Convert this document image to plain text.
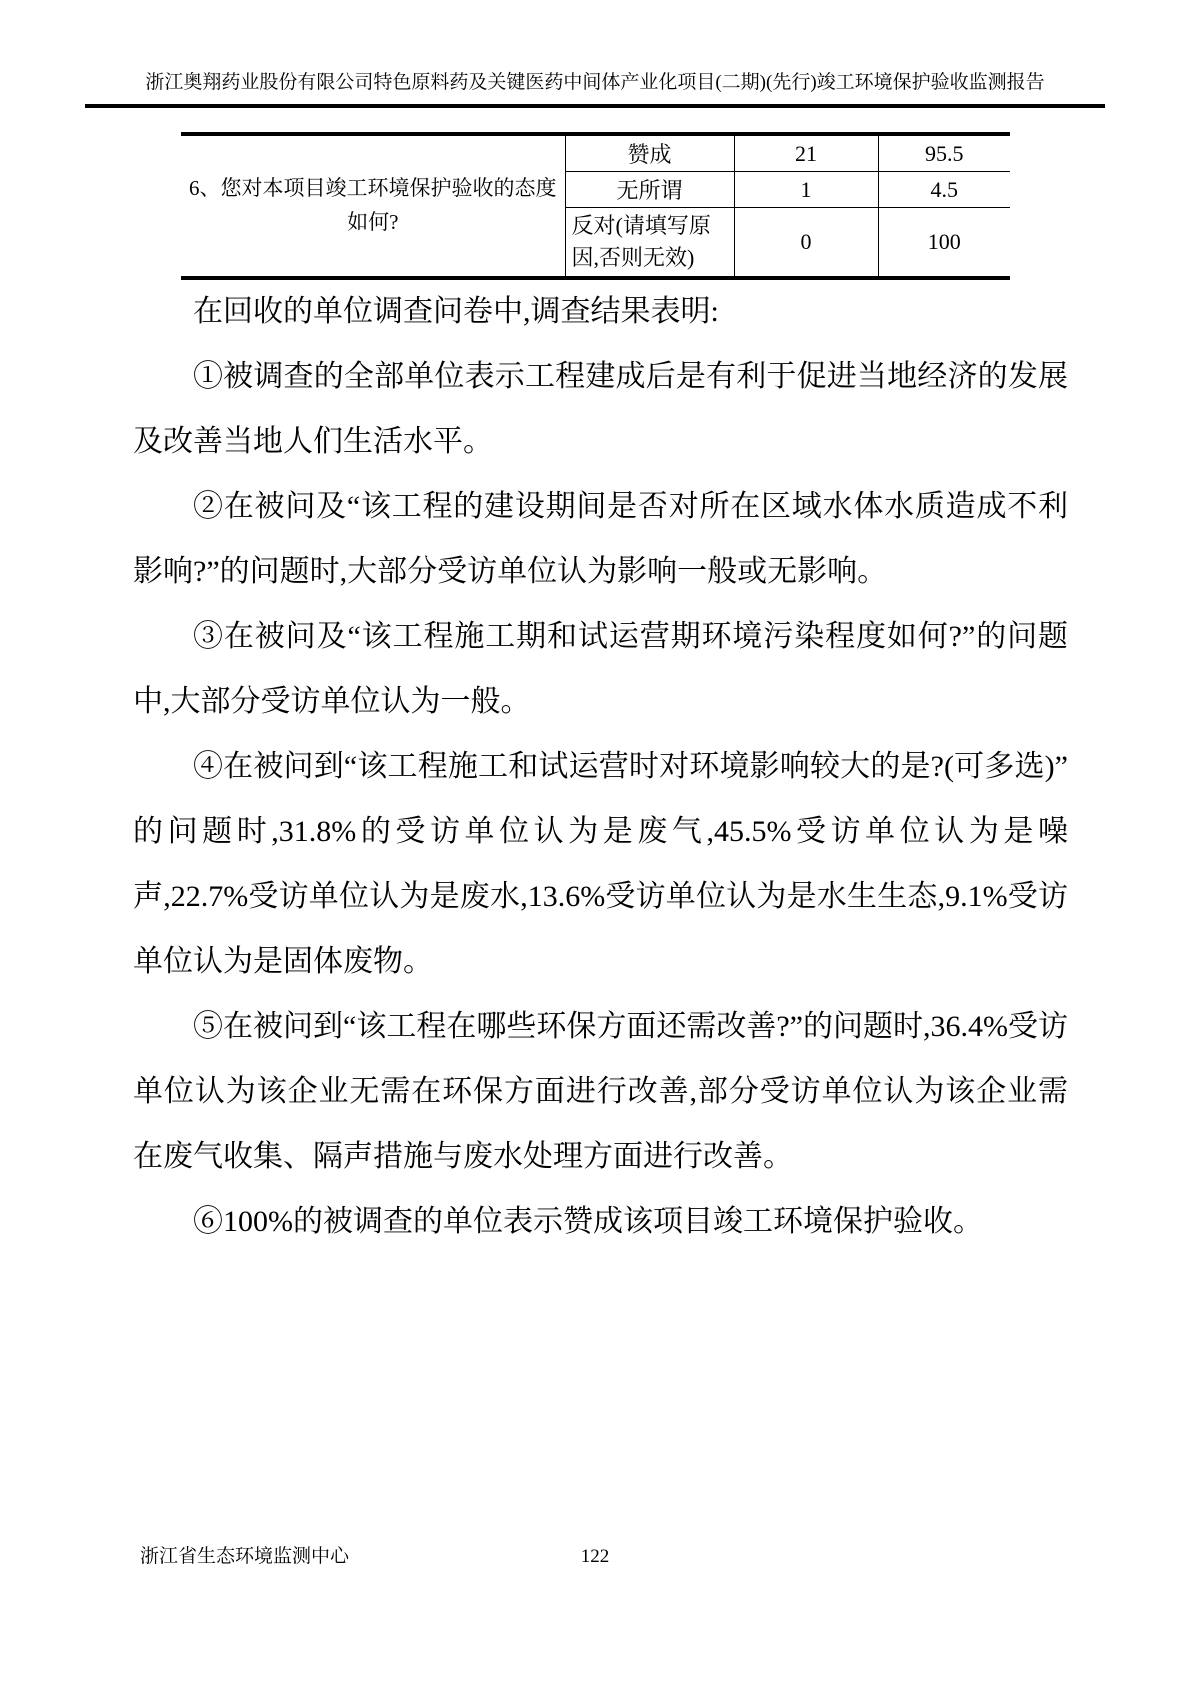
浙江奥翔药业股份有限公司特色原料药及关键医药中间体产业化项目(二期)(先行)竣工环境保护验收监测报告
6、您对本项目竣工环境保护验收的态度如何?	赞成	21	95.5
	无所谓	1	4.5
	反对(请填写原因,否则无效)	0	100

在回收的单位调查问卷中,调查结果表明:

①被调查的全部单位表示工程建成后是有利于促进当地经济的发展及改善当地人们生活水平。

②在被问及“该工程的建设期间是否对所在区域水体水质造成不利影响?”的问题时,大部分受访单位认为影响一般或无影响。

③在被问及“该工程施工期和试运营期环境污染程度如何?”的问题中,大部分受访单位认为一般。

④在被问到“该工程施工和试运营时对环境影响较大的是?(可多选)”的问题时,31.8%的受访单位认为是废气,45.5%受访单位认为是噪声,22.7%受访单位认为是废水,13.6%受访单位认为是水生生态,9.1%受访单位认为是固体废物。

⑤在被问到“该工程在哪些环保方面还需改善?”的问题时,36.4%受访单位认为该企业无需在环保方面进行改善,部分受访单位认为该企业需在废气收集、隔声措施与废水处理方面进行改善。

⑥100%的被调查的单位表示赞成该项目竣工环境保护验收。

浙江省生态环境监测中心	122
